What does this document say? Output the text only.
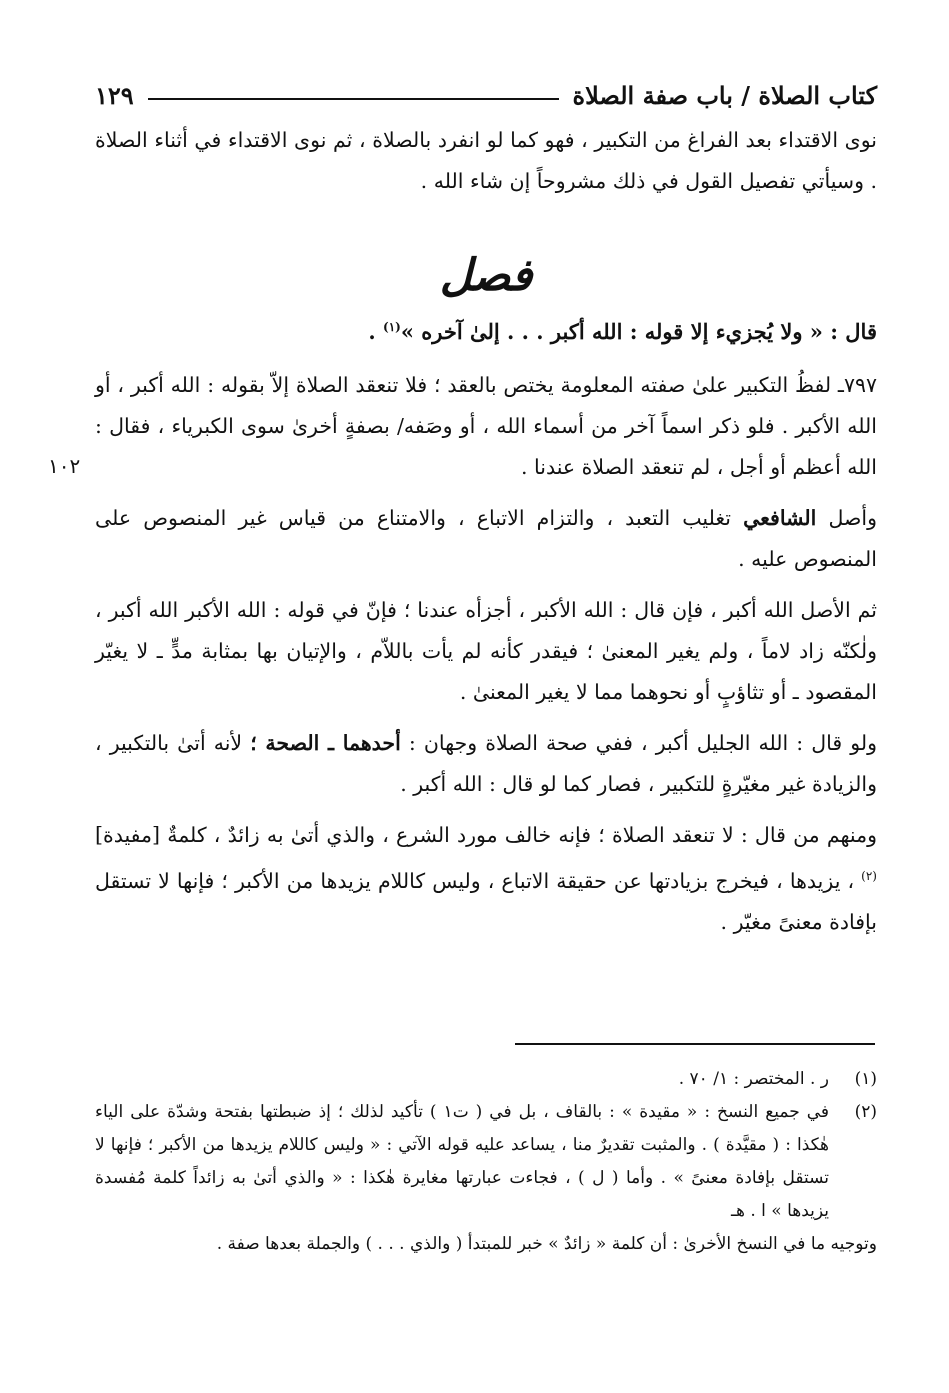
كتاب الصلاة / باب صفة الصلاة
١٢٩

نوى الاقتداء بعد الفراغ من التكبير ، فهو كما لو انفرد بالصلاة ، ثم نوى الاقتداء في أثناء الصلاة . وسيأتي تفصيل القول في ذلك مشروحاً إن شاء الله .

فصل

قال : « ولا يُجزيء إلا قوله : الله أكبر . . . إلىٰ آخره »$^{(١)}$ .

٧٩٧ـ لفظُ التكبير علىٰ صفته المعلومة يختص بالعقد ؛ فلا تنعقد الصلاة إلاّ بقوله : الله أكبر ، أو الله الأكبر . فلو ذكر اسماً آخر من أسماء الله ، أو وصَفه/ بصفةٍ أخرىٰ سوى الكبرياء ، فقال : الله أعظم أو أجل ، لم تنعقد الصلاة عندنا .

وأصل الشافعي تغليب التعبد ، والتزام الاتباع ، والامتناع من قياس غير المنصوص على المنصوص عليه .

ثم الأصل الله أكبر ، فإن قال : الله الأكبر ، أجزأه عندنا ؛ فإنّ في قوله : الله الأكبر الله أكبر ، ولٰكنّه زاد لاماً ، ولم يغير المعنىٰ ؛ فيقدر كأنه لم يأت باللاّم ، والإتيان بها بمثابة مدٍّ ـ لا يغيّر المقصود ـ أو تثاؤبٍ أو نحوهما مما لا يغير المعنىٰ .

ولو قال : الله الجليل أكبر ، ففي صحة الصلاة وجهان : أحدهما ـ الصحة ؛ لأنه أتىٰ بالتكبير ، والزيادة غير مغيّرةٍ للتكبير ، فصار كما لو قال : الله أكبر .

ومنهم من قال : لا تنعقد الصلاة ؛ فإنه خالف مورد الشرع ، والذي أتىٰ به زائدٌ ، كلمةٌ [مفيدة]$^{(٢)}$ ، يزيدها ، فيخرج بزيادتها عن حقيقة الاتباع ، وليس كاللام يزيدها من الأكبر ؛ فإنها لا تستقل بإفادة معنىً مغيّر .

١٠٢
(١)
ر . المختصر : ١/ ٧٠ .
(٢)
في جميع النسخ : « مقيدة » : بالقاف ، بل في ( ت١ ) تأكيد لذلك ؛ إذ ضبطتها بفتحة وشدّة على الياء هٰكذا : ( مقيَّدة ) . والمثبت تقديرٌ منا ، يساعد عليه قوله الآتي : « وليس كاللام يزيدها من الأكبر ؛ فإنها لا تستقل بإفادة معنىً » . وأما ( ل ) ، فجاءت عبارتها مغايرة هٰكذا : « والذي أتىٰ به زائداً كلمة مُفسدة يزيدها » ا . هـ
وتوجيه ما في النسخ الأخرىٰ : أن كلمة « زائدٌ » خبر للمبتدأ ( والذي . . . ) والجملة بعدها صفة .
